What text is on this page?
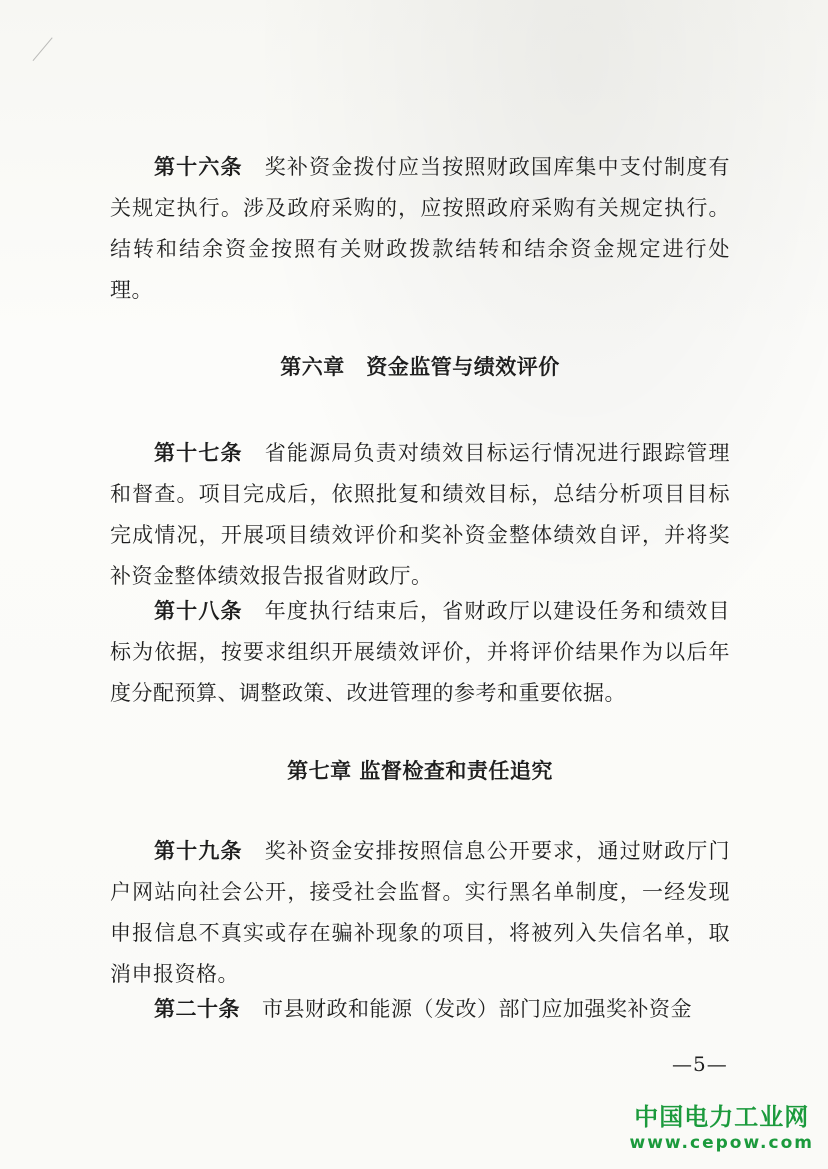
第十六条 奖补资金拨付应当按照财政国库集中支付制度有关规定执行。涉及政府采购的，应按照政府采购有关规定执行。结转和结余资金按照有关财政拨款结转和结余资金规定进行处理。

第六章　资金监管与绩效评价

第十七条 省能源局负责对绩效目标运行情况进行跟踪管理和督查。项目完成后，依照批复和绩效目标，总结分析项目目标完成情况，开展项目绩效评价和奖补资金整体绩效自评，并将奖补资金整体绩效报告报省财政厅。

第十八条 年度执行结束后，省财政厅以建设任务和绩效目标为依据，按要求组织开展绩效评价，并将评价结果作为以后年度分配预算、调整政策、改进管理的参考和重要依据。

第七章 监督检查和责任追究

第十九条 奖补资金安排按照信息公开要求，通过财政厅门户网站向社会公开，接受社会监督。实行黑名单制度，一经发现申报信息不真实或存在骗补现象的项目，将被列入失信名单，取消申报资格。

第二十条 市县财政和能源（发改）部门应加强奖补资金

—5—
中国电力工业网
www.cepow.com
